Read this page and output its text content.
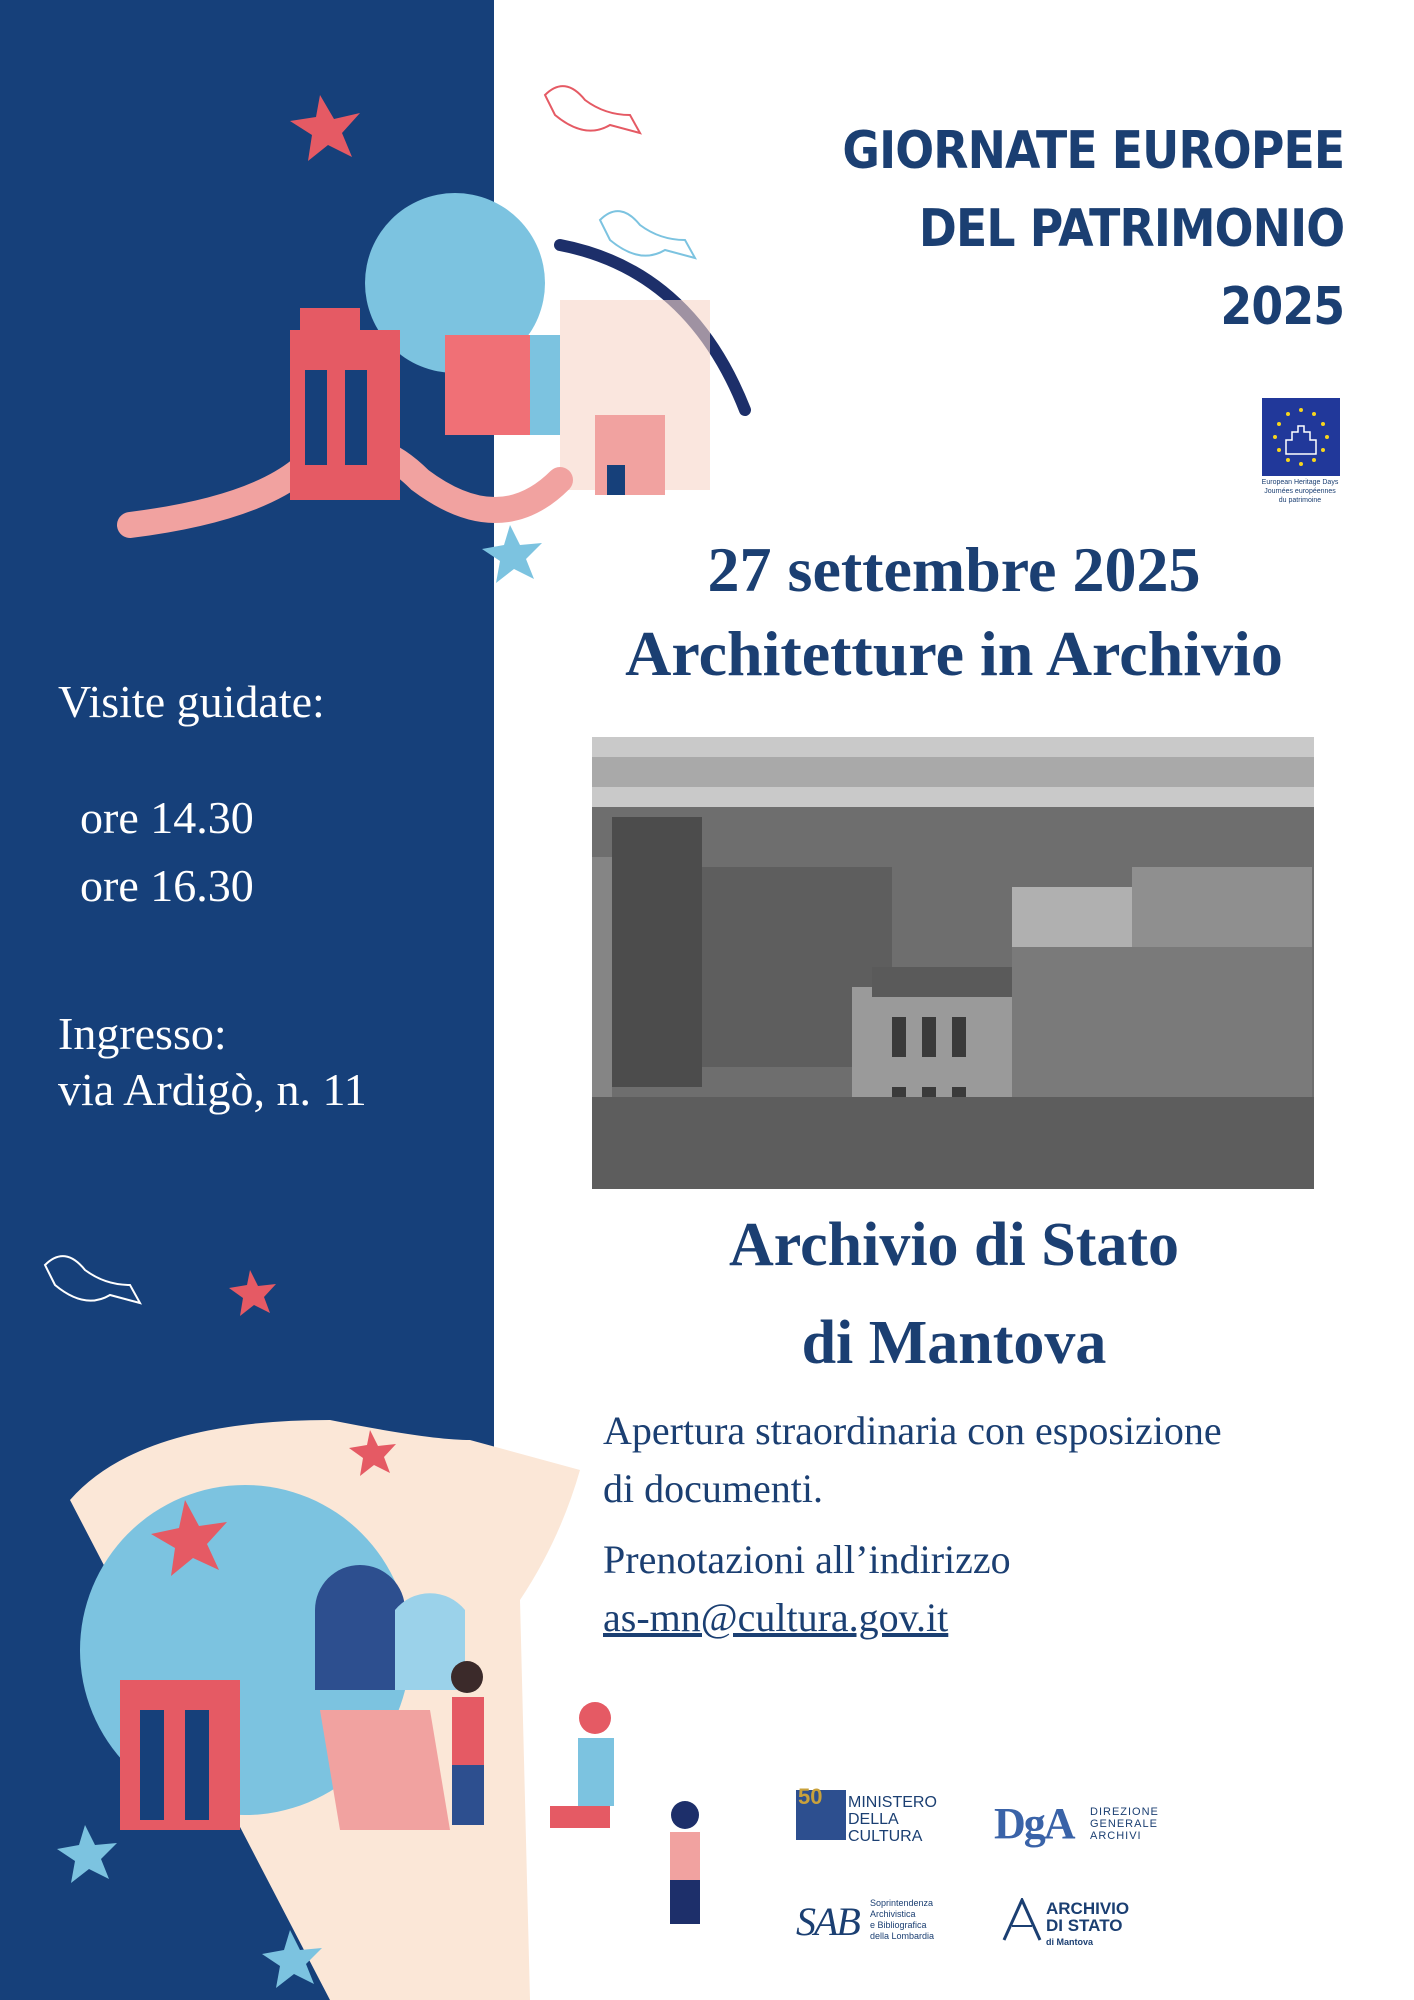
GIORNATE EUROPEE
DEL PATRIMONIO
2025
European Heritage Days
Journées européennes
du patrimoine
27 settembre 2025
Architetture in Archivio
Archivio di Stato
di Mantova

Apertura straordinaria con esposizione
di documenti.

Prenotazioni all’indirizzo
as-mn@cultura.gov.it

Visite guidate:
ore 14.30
ore 16.30
Ingresso:
via Ardigò, n. 11
50 MINISTERO
DELLA
CULTURA	DgA DIREZIONE
GENERALE
ARCHIVI
SAB Soprintendenza
Archivistica
e Bibliografica
della Lombardia
ARCHIVIO
DI STATO
di Mantova
